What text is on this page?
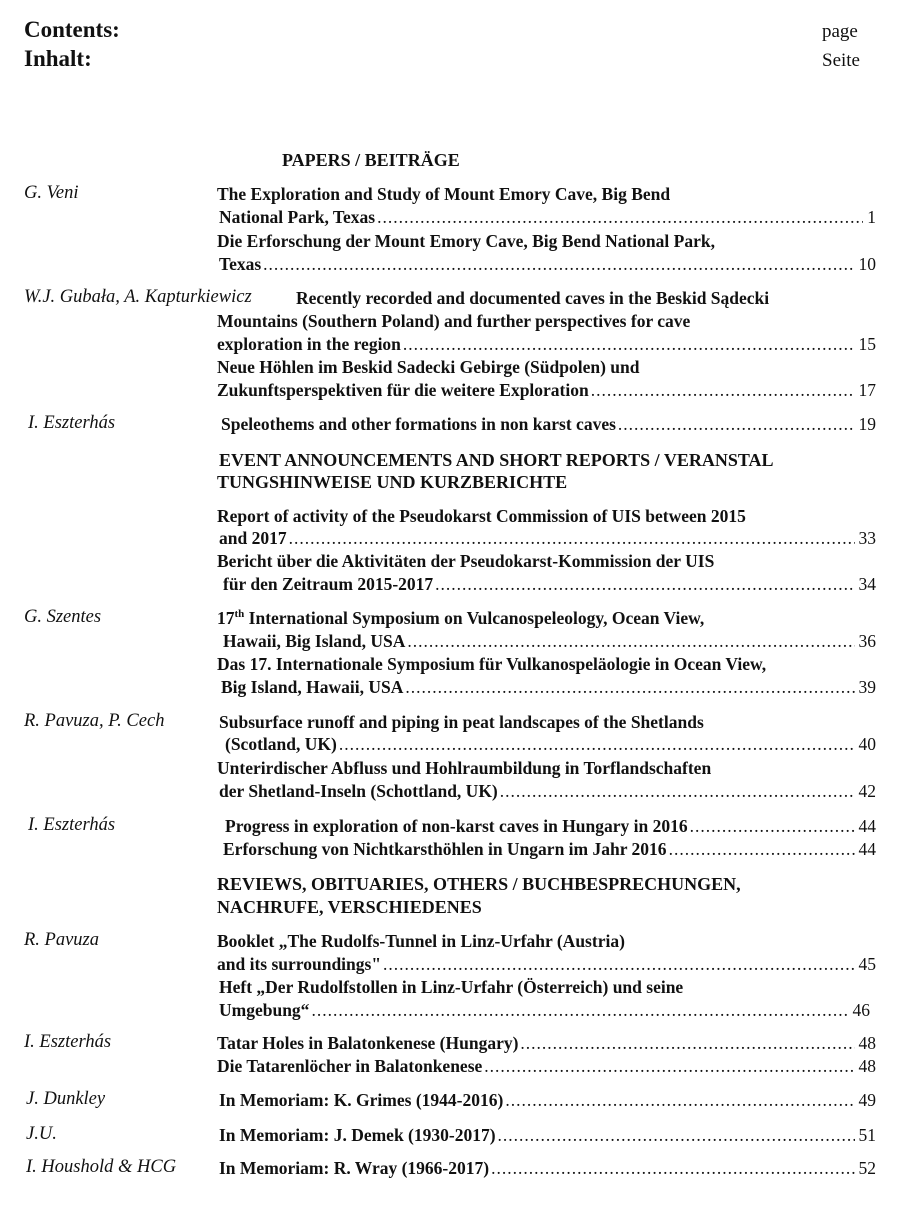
Contents:
Inhalt:
page
Seite
PAPERS / BEITRÄGE
G. Veni	The Exploration and Study of Mount Emory Cave, Big Bend
National Park, Texas .....	1
Die Erforschung der Mount Emory Cave, Big Bend National Park,
Texas .....	10
W.J. Gubała, A. Kapturkiewicz	Recently recorded and documented caves in the Beskid Sądecki
Mountains (Southern Poland) and further perspectives for cave
exploration in the region .....	15
Neue Höhlen im Beskid Sadecki Gebirge (Südpolen) und
Zukunftsperspektiven für die weitere Exploration .....	17
I. Eszterhás	Speleothems and other formations in non karst caves .....	19
EVENT ANNOUNCEMENTS AND SHORT REPORTS / VERANSTAL
TUNGSHINWEISE UND KURZBERICHTE
Report of activity of the Pseudokarst Commission of UIS between 2015
and 2017 .....	33
Bericht über die Aktivitäten der Pseudokarst-Kommission der UIS
für den Zeitraum 2015-2017 .....	34
G. Szentes	17th International Symposium on Vulcanospeleology, Ocean View,
Hawaii, Big Island, USA .....	36
Das 17. Internationale Symposium für Vulkanospeläologie in Ocean View,
Big Island, Hawaii, USA .....	39
R. Pavuza, P. Cech	Subsurface runoff and piping in peat landscapes of the Shetlands
(Scotland, UK) .....	40
Unterirdischer Abfluss und Hohlraumbildung in Torflandschaften
der Shetland-Inseln (Schottland, UK) .....	42
I. Eszterhás	Progress in exploration of non-karst caves in Hungary in 2016 .....	44
Erforschung von Nichtkarsthöhlen in Ungarn im Jahr 2016 .....	44
REVIEWS, OBITUARIES, OTHERS / BUCHBESPRECHUNGEN,
NACHRUFE, VERSCHIEDENES
R. Pavuza	Booklet „The Rudolfs-Tunnel in Linz-Urfahr (Austria)
and its surroundings" .....	45
Heft „Der Rudolfstollen in Linz-Urfahr (Österreich) und seine
Umgebung“ .....	46
I. Eszterhás	Tatar Holes in Balatonkenese (Hungary) .....	48
Die Tatarenlöcher in Balatonkenese .....	48
J. Dunkley	In Memoriam: K. Grimes (1944-2016) .....	49
J.U.	In Memoriam: J. Demek (1930-2017) .....	51
I. Houshold & HCG In Memoriam: R. Wray (1966-2017) .....	52
